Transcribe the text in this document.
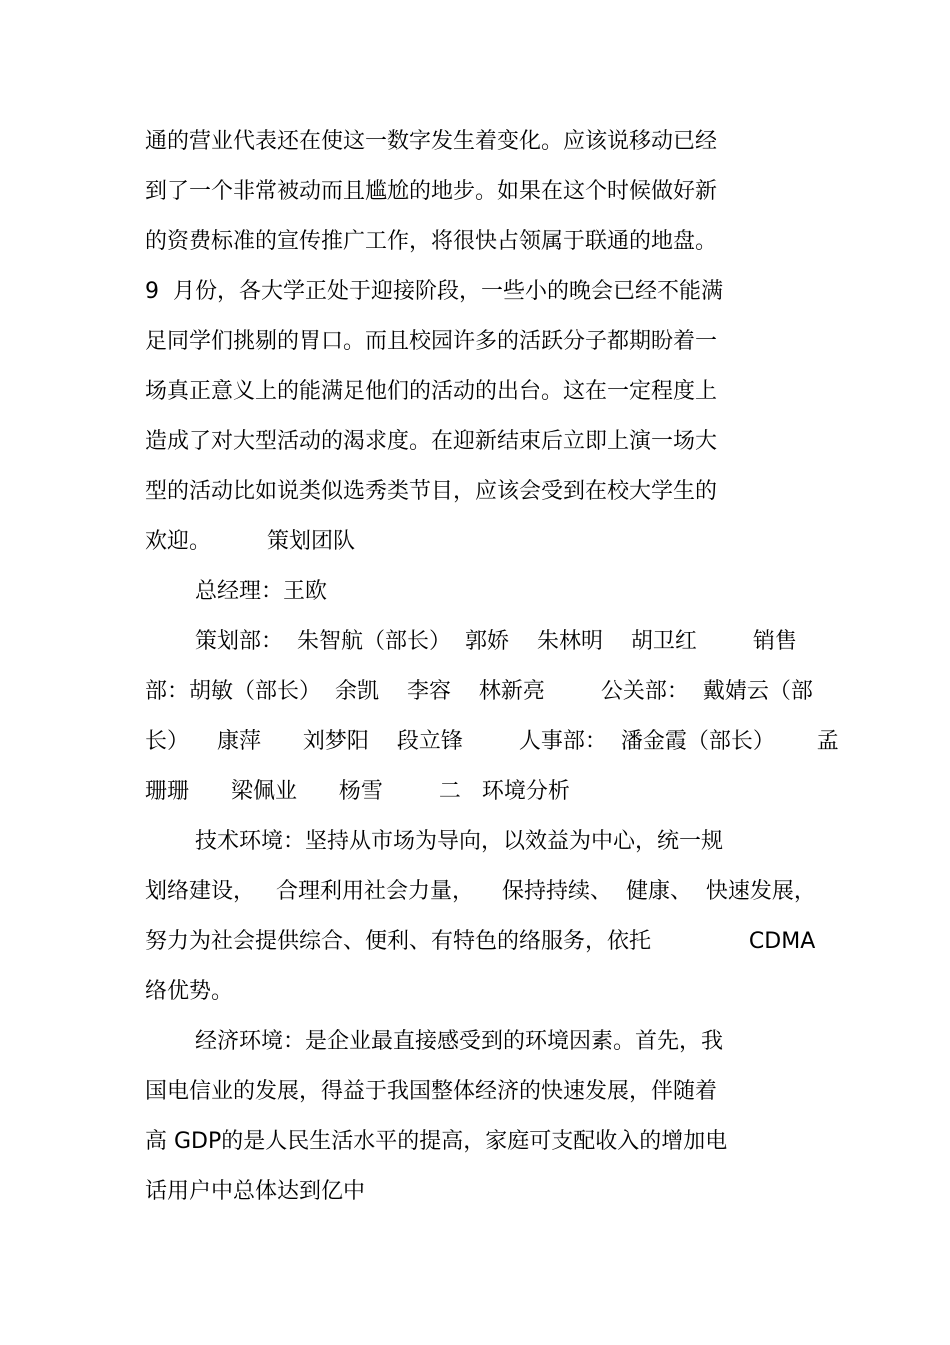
通的营业代表还在使这一数字发生着变化。应该说移动已经
到了一个非常被动而且尴尬的地步。如果在这个时候做好新
的资费标准的宣传推广工作，将很快占领属于联通的地盘。
9  月份，各大学正处于迎接阶段，一些小的晚会已经不能满
足同学们挑剔的胃口。而且校园许多的活跃分子都期盼着一
场真正意义上的能满足他们的活动的出台。这在一定程度上
造成了对大型活动的渴求度。在迎新结束后立即上演一场大
型的活动比如说类似选秀类节目，应该会受到在校大学生的
欢迎。        策划团队
总经理：王欧
策划部：  朱智航（部长）  郭娇    朱林明    胡卫红        销售
部：胡敏（部长）  余凯    李容    林新亮        公关部：  戴婧云（部
长）    康萍      刘梦阳    段立锋        人事部：  潘金霞（部长）      孟
珊珊      梁佩业      杨雪        二   环境分析
技术环境：坚持从市场为导向，以效益为中心，统一规
划络建设，   合理利用社会力量，    保持持续、  健康、  快速发展，
努力为社会提供综合、便利、有特色的络服务，依托              CDMA
络优势。
经济环境：是企业最直接感受到的环境因素。首先，我
国电信业的发展，得益于我国整体经济的快速发展，伴随着
高 GDP的是人民生活水平的提高，家庭可支配收入的增加电
话用户中总体达到亿中
